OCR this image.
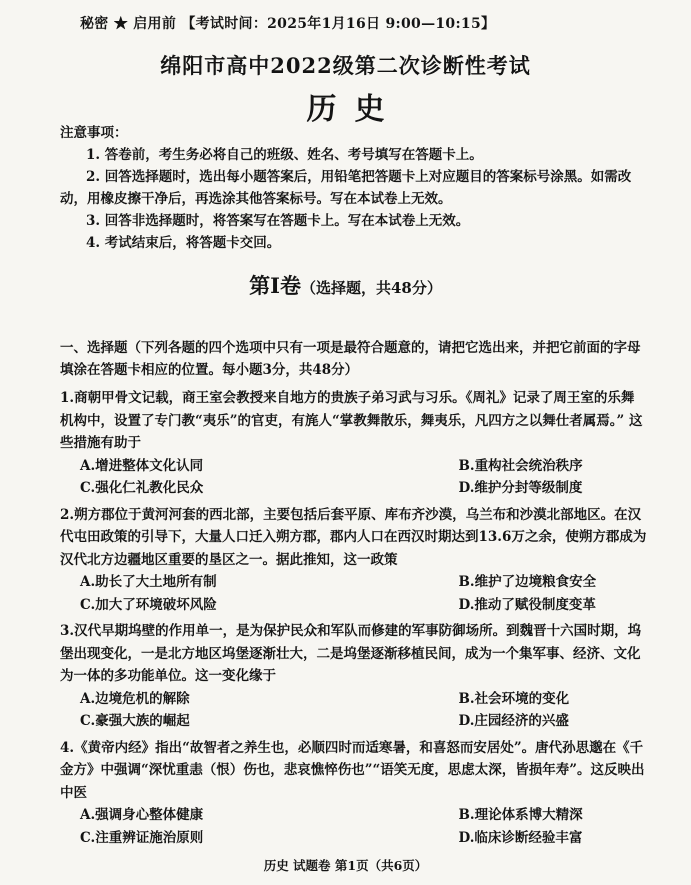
秘密 ★ 启用前 【考试时间：2025年1月16日 9:00—10:15】
绵阳市高中2022级第二次诊断性考试
历史

注意事项：

1. 答卷前，考生务必将自己的班级、姓名、考号填写在答题卡上。

2. 回答选择题时，选出每小题答案后，用铅笔把答题卡上对应题目的答案标号涂黑。如需改动，用橡皮擦干净后，再选涂其他答案标号。写在本试卷上无效。

3. 回答非选择题时，将答案写在答题卡上。写在本试卷上无效。

4. 考试结束后，将答题卡交回。

第Ⅰ卷（选择题，共48分）

一、选择题（下列各题的四个选项中只有一项是最符合题意的，请把它选出来，并把它前面的字母填涂在答题卡相应的位置。每小题3分，共48分）

1.商朝甲骨文记载，商王室会教授来自地方的贵族子弟习武与习乐。《周礼》记录了周王室的乐舞机构中，设置了专门教“夷乐”的官吏，有旄人“掌教舞散乐，舞夷乐，凡四方之以舞仕者属焉。” 这些措施有助于

A.增进整体文化认同	B.重构社会统治秩序
C.强化仁礼教化民众	D.维护分封等级制度

2.朔方郡位于黄河河套的西北部，主要包括后套平原、库布齐沙漠，乌兰布和沙漠北部地区。在汉代屯田政策的引导下，大量人口迁入朔方郡，郡内人口在西汉时期达到13.6万之余，使朔方郡成为汉代北方边疆地区重要的垦区之一。据此推知，这一政策

A.助长了大土地所有制	B.维护了边境粮食安全
C.加大了环境破坏风险	D.推动了赋役制度变革

3.汉代早期坞壁的作用单一，是为保护民众和军队而修建的军事防御场所。到魏晋十六国时期，坞堡出现变化，一是北方地区坞堡逐渐壮大，二是坞堡逐渐移植民间，成为一个集军事、经济、文化为一体的多功能单位。这一变化缘于

A.边境危机的解除	B.社会环境的变化
C.豪强大族的崛起	D.庄园经济的兴盛

4.《黄帝内经》指出“故智者之养生也，必顺四时而适寒暑，和喜怒而安居处”。唐代孙思邈在《千金方》中强调“深忧重恚（恨）伤也，悲哀憔悴伤也”“语笑无度，思虑太深，皆损年寿”。这反映出中医

A.强调身心整体健康	B.理论体系博大精深
C.注重辨证施治原则	D.临床诊断经验丰富
历史 试题卷 第1页（共6页）
